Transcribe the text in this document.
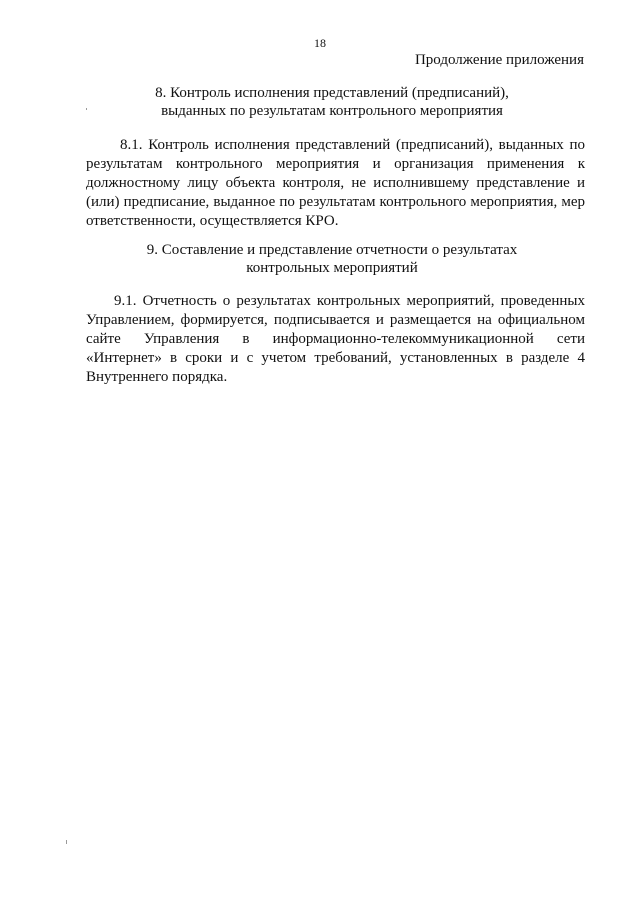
18
Продолжение приложения
8. Контроль исполнения представлений (предписаний),
выданных по результатам контрольного мероприятия
8.1. Контроль исполнения представлений (предписаний), выданных по
результатам контрольного мероприятия и организация применения к
должностному лицу объекта контроля, не исполнившему представление и
(или) предписание, выданное по результатам контрольного мероприятия, мер
ответственности, осуществляется КРО.
9. Составление и представление отчетности о результатах
контрольных мероприятий
9.1. Отчетность о результатах контрольных мероприятий, проведенных
Управлением, формируется, подписывается и размещается на официальном
сайте Управления в информационно-телекоммуникационной сети
«Интернет» в сроки и с учетом требований, установленных в разделе 4
Внутреннего порядка.
